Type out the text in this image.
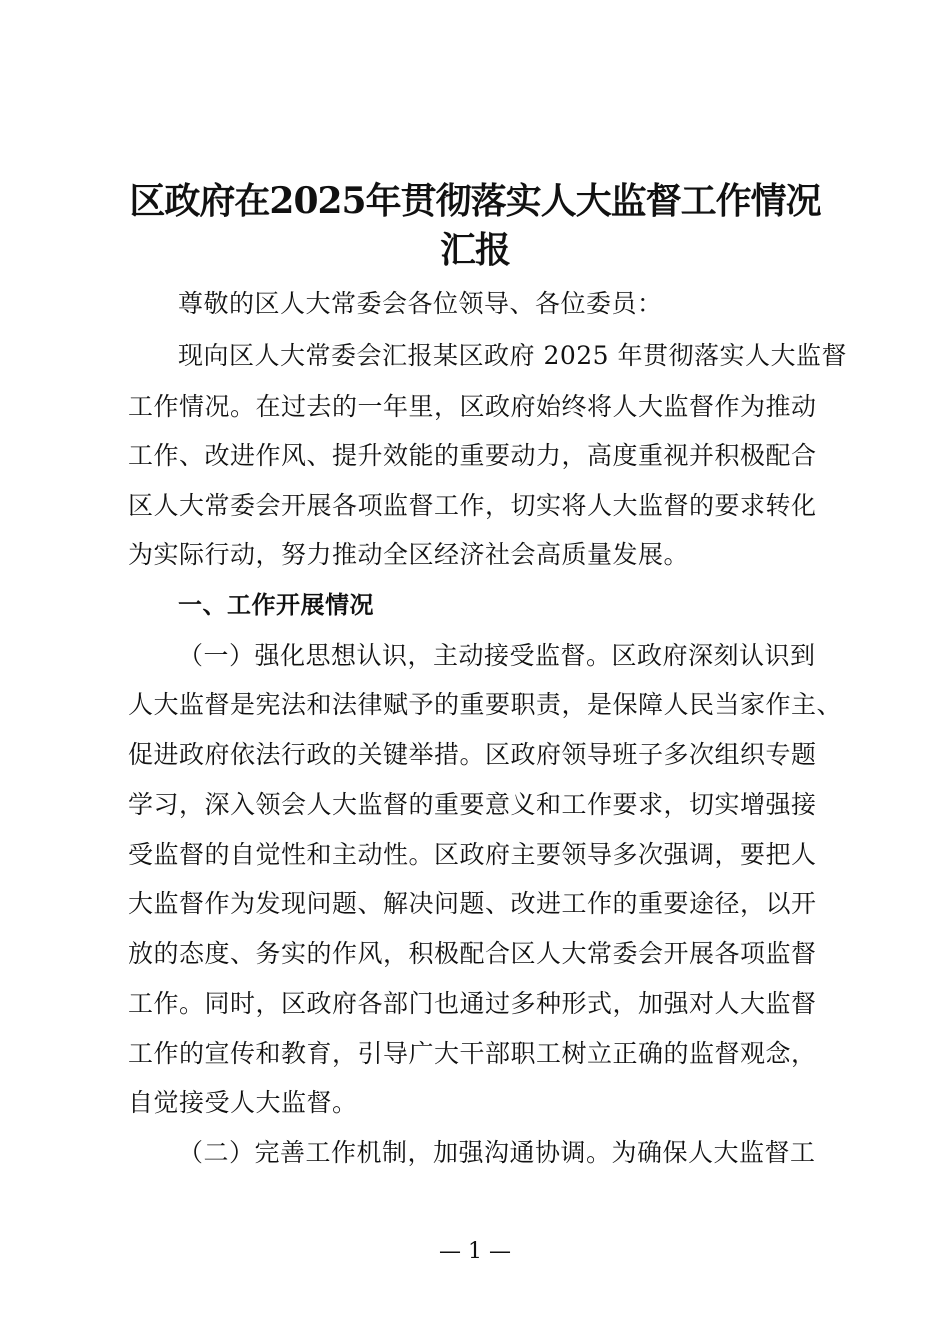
区政府在2025年贯彻落实人大监督工作情况
汇报
尊敬的区人大常委会各位领导、各位委员：
现向区人大常委会汇报某区政府 2025 年贯彻落实人大监督
工作情况。在过去的一年里，区政府始终将人大监督作为推动
工作、改进作风、提升效能的重要动力，高度重视并积极配合
区人大常委会开展各项监督工作，切实将人大监督的要求转化
为实际行动，努力推动全区经济社会高质量发展。
一、工作开展情况
（一）强化思想认识，主动接受监督。区政府深刻认识到
人大监督是宪法和法律赋予的重要职责，是保障人民当家作主、
促进政府依法行政的关键举措。区政府领导班子多次组织专题
学习，深入领会人大监督的重要意义和工作要求，切实增强接
受监督的自觉性和主动性。区政府主要领导多次强调，要把人
大监督作为发现问题、解决问题、改进工作的重要途径，以开
放的态度、务实的作风，积极配合区人大常委会开展各项监督
工作。同时，区政府各部门也通过多种形式，加强对人大监督
工作的宣传和教育，引导广大干部职工树立正确的监督观念，
自觉接受人大监督。
（二）完善工作机制，加强沟通协调。为确保人大监督工
— 1 —
